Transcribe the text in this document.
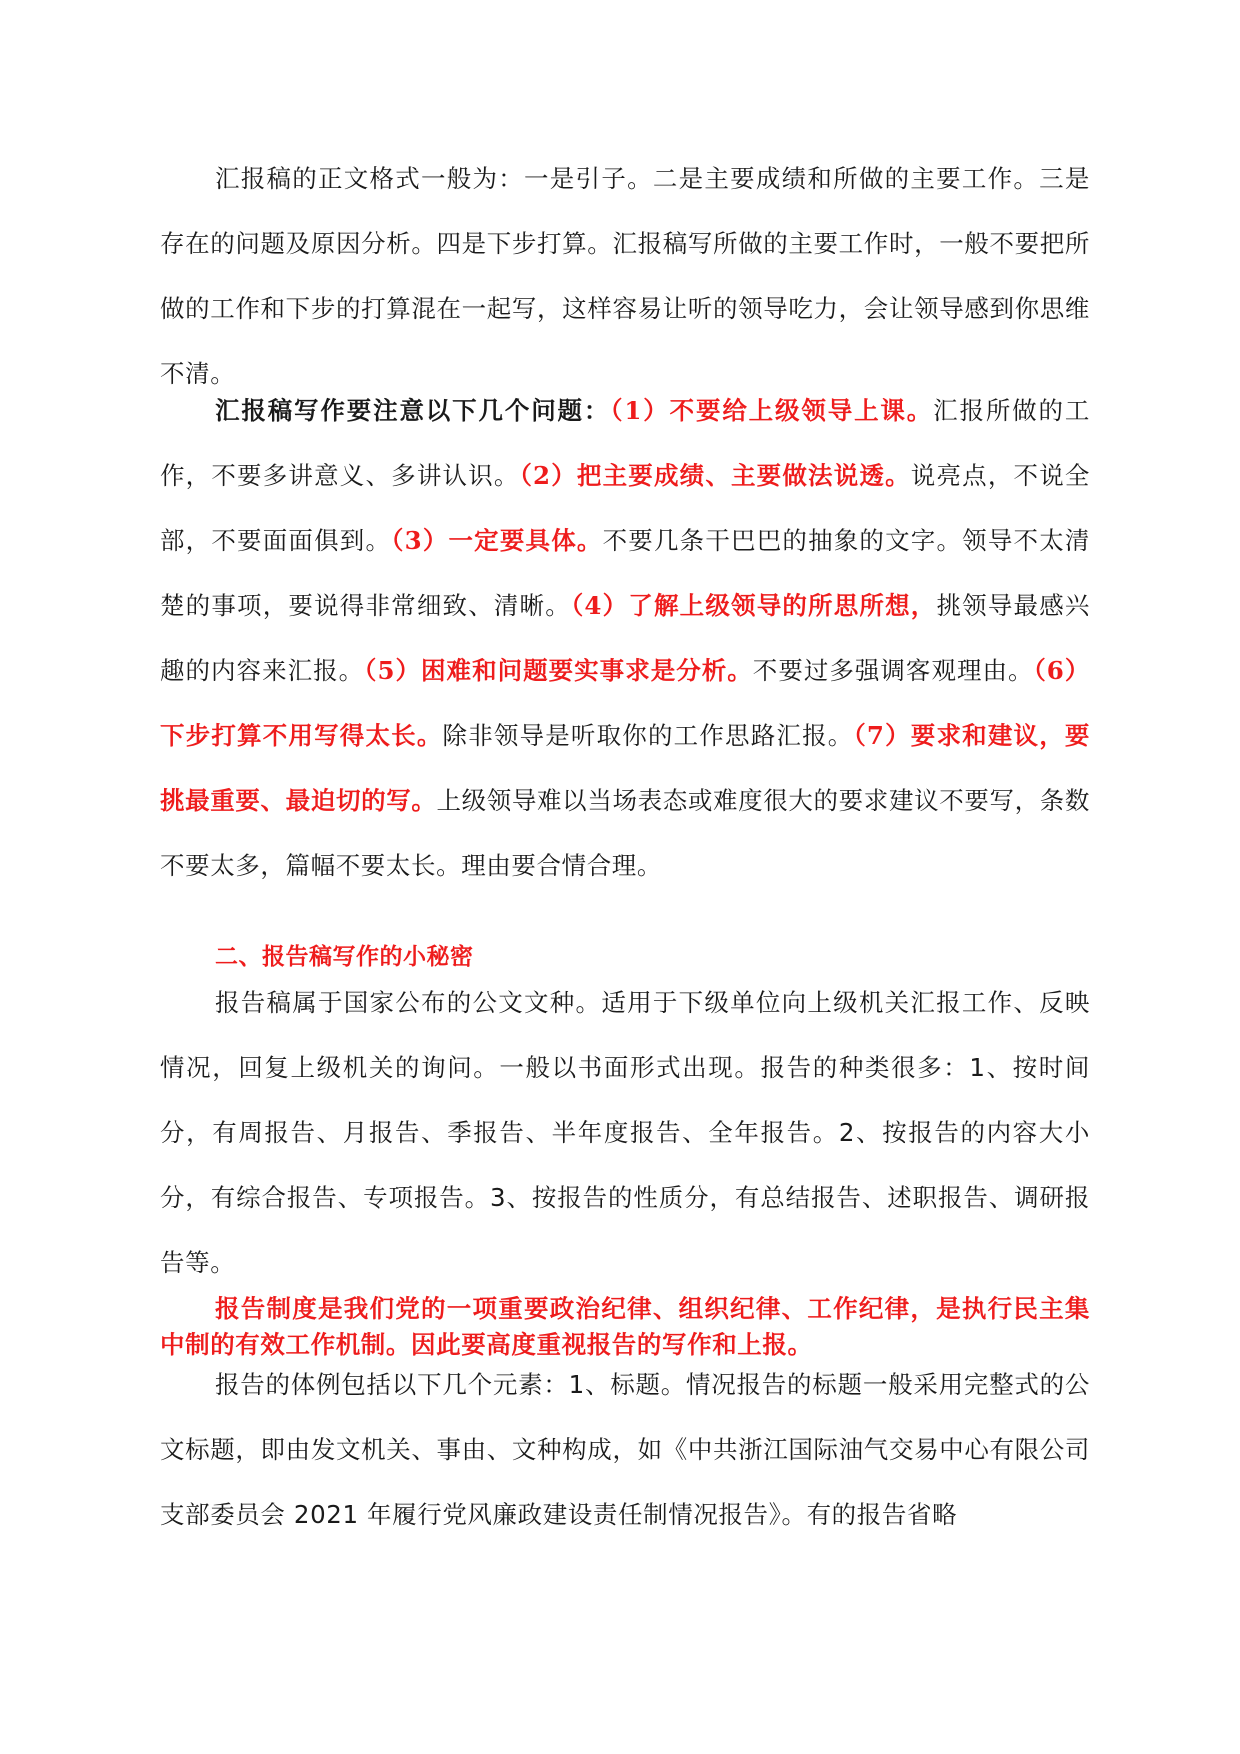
汇报稿的正文格式一般为：一是引子。二是主要成绩和所做的主要工作。三是存在的问题及原因分析。四是下步打算。汇报稿写所做的主要工作时，一般不要把所做的工作和下步的打算混在一起写，这样容易让听的领导吃力，会让领导感到你思维不清。

汇报稿写作要注意以下几个问题：（1）不要给上级领导上课。汇报所做的工作，不要多讲意义、多讲认识。（2）把主要成绩、主要做法说透。说亮点，不说全部，不要面面俱到。（3）一定要具体。不要几条干巴巴的抽象的文字。领导不太清楚的事项，要说得非常细致、清晰。（4）了解上级领导的所思所想，挑领导最感兴趣的内容来汇报。（5）困难和问题要实事求是分析。不要过多强调客观理由。（6）下步打算不用写得太长。除非领导是听取你的工作思路汇报。（7）要求和建议，要挑最重要、最迫切的写。上级领导难以当场表态或难度很大的要求建议不要写，条数不要太多，篇幅不要太长。理由要合情合理。

二、报告稿写作的小秘密

报告稿属于国家公布的公文文种。适用于下级单位向上级机关汇报工作、反映情况，回复上级机关的询问。一般以书面形式出现。报告的种类很多：1、按时间分，有周报告、月报告、季报告、半年度报告、全年报告。2、按报告的内容大小分，有综合报告、专项报告。3、按报告的性质分，有总结报告、述职报告、调研报告等。

报告制度是我们党的一项重要政治纪律、组织纪律、工作纪律，是执行民主集中制的有效工作机制。因此要高度重视报告的写作和上报。

报告的体例包括以下几个元素：1、标题。情况报告的标题一般采用完整式的公文标题，即由发文机关、事由、文种构成，如《中共浙江国际油气交易中心有限公司支部委员会 2021 年履行党风廉政建设责任制情况报告》。有的报告省略
